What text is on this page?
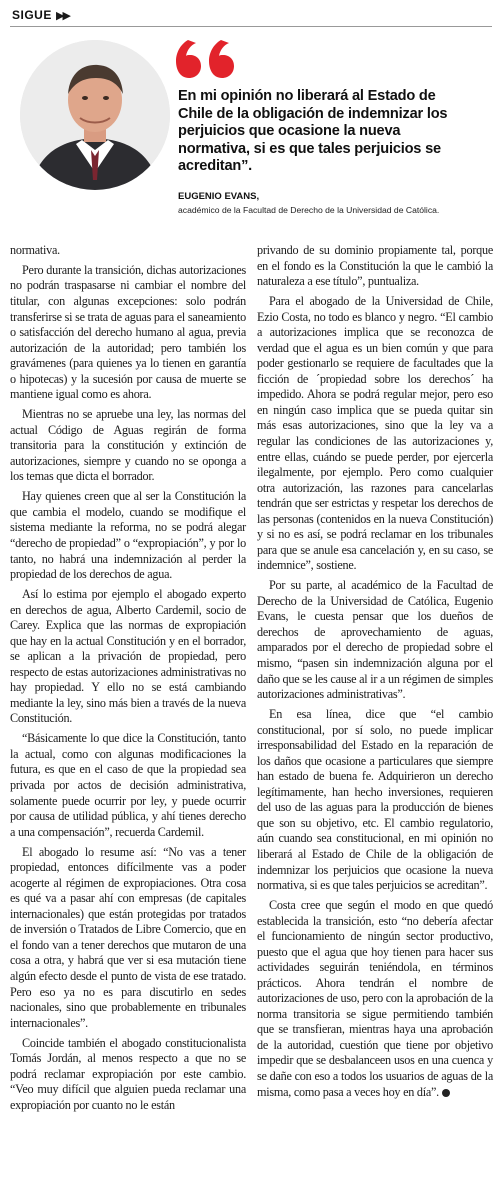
SIGUE ▶▶
En mi opinión no liberará al Estado de Chile de la obligación de indemnizar los perjuicios que ocasione la nueva normativa, si es que tales perjuicios se acreditan”.
EUGENIO EVANS,
académico de la Facultad de Derecho de la Universidad de Católica.

normativa.

Pero durante la transición, dichas autorizaciones no podrán traspasarse ni cambiar el nombre del titular, con algunas excepciones: solo podrán transferirse si se trata de aguas para el saneamiento o satisfacción del derecho humano al agua, previa autorización de la autoridad; pero también los gravámenes (para quienes ya lo tienen en garantía o hipotecas) y la sucesión por causa de muerte se mantiene igual como es ahora.

Mientras no se apruebe una ley, las normas del actual Código de Aguas regirán de forma transitoria para la constitución y extinción de autorizaciones, siempre y cuando no se oponga a los temas que dicta el borrador.

Hay quienes creen que al ser la Constitución la que cambia el modelo, cuando se modifique el sistema mediante la reforma, no se podrá alegar “derecho de propiedad” o “expropiación”, y por lo tanto, no habrá una indemnización al perder la propiedad de los derechos de agua.

Así lo estima por ejemplo el abogado experto en derechos de agua, Alberto Cardemil, socio de Carey. Explica que las normas de expropiación que hay en la actual Constitución y en el borrador, se aplican a la privación de propiedad, pero respecto de estas autorizaciones administrativas no hay propiedad. Y ello no se está cambiando mediante la ley, sino más bien a través de la nueva Constitución.

“Básicamente lo que dice la Constitución, tanto la actual, como con algunas modificaciones la futura, es que en el caso de que la propiedad sea privada por actos de decisión administrativa, solamente puede ocurrir por ley, y puede ocurrir por causa de utilidad pública, y ahí tienes derecho a una compensación”, recuerda Cardemil.

El abogado lo resume así: “No vas a tener propiedad, entonces difícilmente vas a poder acogerte al régimen de expropiaciones. Otra cosa es qué va a pasar ahí con empresas (de capitales internacionales) que están protegidas por tratados de inversión o Tratados de Libre Comercio, que en el fondo van a tener derechos que mutaron de una cosa a otra, y habrá que ver si esa mutación tiene algún efecto desde el punto de vista de ese tratado. Pero eso ya no es para discutirlo en sedes nacionales, sino que probablemente en tribunales internacionales”.

Coincide también el abogado constitucionalista Tomás Jordán, al menos respecto a que no se podrá reclamar expropiación por este cambio. “Veo muy difícil que alguien pueda reclamar una expropiación por cuanto no le están

privando de su dominio propiamente tal, porque en el fondo es la Constitución la que le cambió la naturaleza a ese título”, puntualiza.

Para el abogado de la Universidad de Chile, Ezio Costa, no todo es blanco y negro. “El cambio a autorizaciones implica que se reconozca de verdad que el agua es un bien común y que para poder gestionarlo se requiere de facultades que la ficción de ´propiedad sobre los derechos´ ha impedido. Ahora se podrá regular mejor, pero eso en ningún caso implica que se pueda quitar sin más esas autorizaciones, sino que la ley va a regular las condiciones de las autorizaciones y, entre ellas, cuándo se puede perder, por ejercerla ilegalmente, por ejemplo. Pero como cualquier otra autorización, las razones para cancelarlas tendrán que ser estrictas y respetar los derechos de las personas (contenidos en la nueva Constitución) y si no es así, se podrá reclamar en los tribunales para que se anule esa cancelación y, en su caso, se indemnice”, sostiene.

Por su parte, al académico de la Facultad de Derecho de la Universidad de Católica, Eugenio Evans, le cuesta pensar que los dueños de derechos de aprovechamiento de aguas, amparados por el derecho de propiedad sobre el mismo, “pasen sin indemnización alguna por el daño que se les cause al ir a un régimen de simples autorizaciones administrativas”.

En esa línea, dice que “el cambio constitucional, por sí solo, no puede implicar irresponsabilidad del Estado en la reparación de los daños que ocasione a particulares que siempre han estado de buena fe. Adquirieron un derecho legítimamente, han hecho inversiones, requieren del uso de las aguas para la producción de bienes que son su objetivo, etc. El cambio regulatorio, aún cuando sea constitucional, en mi opinión no liberará al Estado de Chile de la obligación de indemnizar los perjuicios que ocasione la nueva normativa, si es que tales perjuicios se acreditan”.

Costa cree que según el modo en que quedó establecida la transición, esto “no debería afectar el funcionamiento de ningún sector productivo, puesto que el agua que hoy tienen para hacer sus actividades seguirán teniéndola, en términos prácticos. Ahora tendrán el nombre de autorizaciones de uso, pero con la aprobación de la norma transitoria se sigue permitiendo también que se transfieran, mientras haya una aprobación de la autoridad, cuestión que tiene por objetivo impedir que se desbalanceen usos en una cuenca y se dañe con eso a todos los usuarios de aguas de la misma, como pasa a veces hoy en día”.
